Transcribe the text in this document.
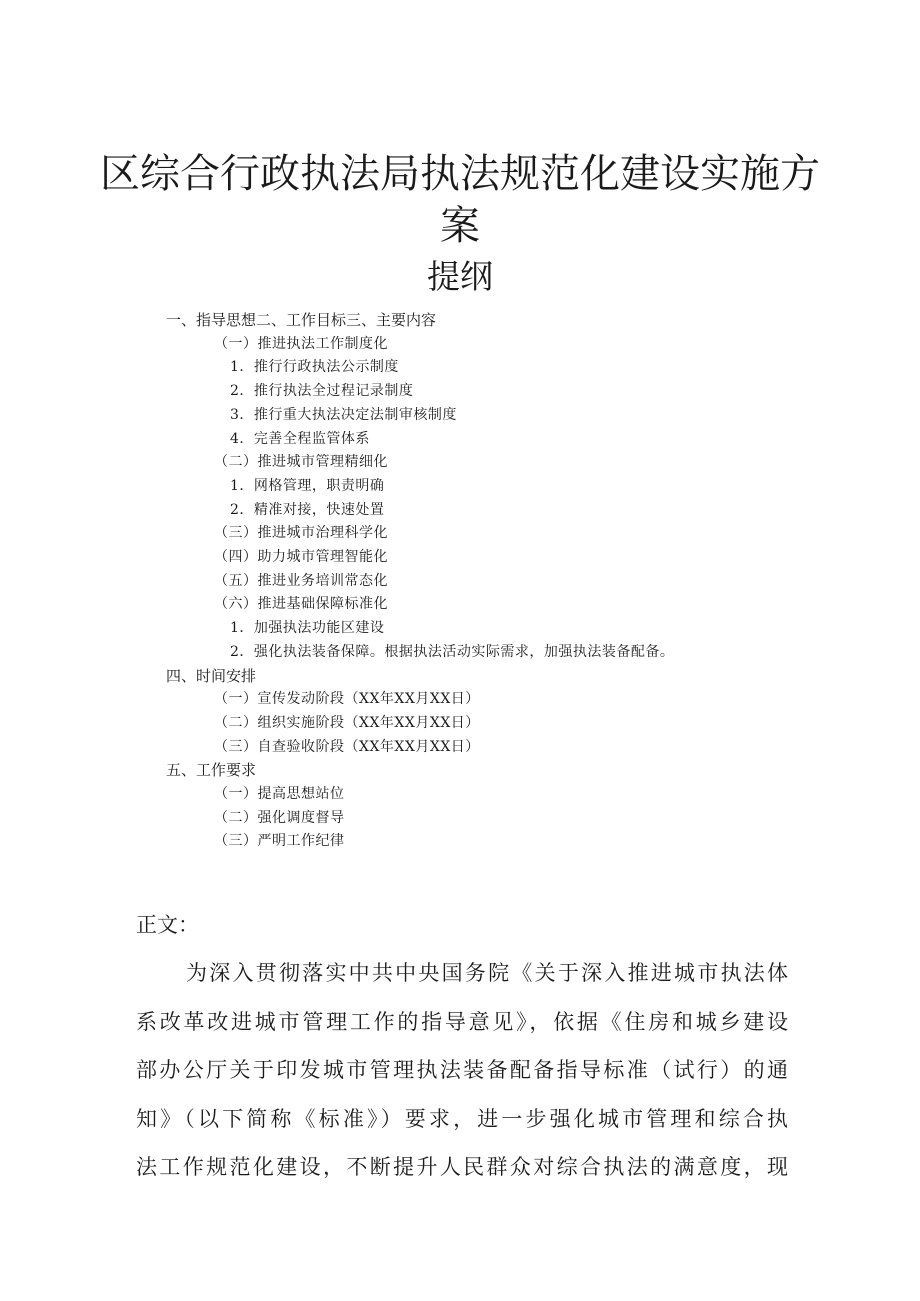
区综合行政执法局执法规范化建设实施方
案
提纲
一、指导思想二、工作目标三、主要内容
（一）推进执法工作制度化
1．推行行政执法公示制度
2．推行执法全过程记录制度
3．推行重大执法决定法制审核制度
4．完善全程监管体系
（二）推进城市管理精细化
1．网格管理，职责明确
2．精准对接，快速处置
（三）推进城市治理科学化
（四）助力城市管理智能化
（五）推进业务培训常态化
（六）推进基础保障标准化
1．加强执法功能区建设
2．强化执法装备保障。根据执法活动实际需求，加强执法装备配备。
四、时间安排
（一）宣传发动阶段（XX年XX月XX日）
（二）组织实施阶段（XX年XX月XX日）
（三）自查验收阶段（XX年XX月XX日）
五、工作要求
（一）提高思想站位
（二）强化调度督导
（三）严明工作纪律
正文：
为深入贯彻落实中共中央国务院《关于深入推进城市执法体
系改革改进城市管理工作的指导意见》，依据《住房和城乡建设
部办公厅关于印发城市管理执法装备配备指导标准（试行）的通
知》（以下简称《标准》）要求，进一步强化城市管理和综合执
法工作规范化建设，不断提升人民群众对综合执法的满意度，现
